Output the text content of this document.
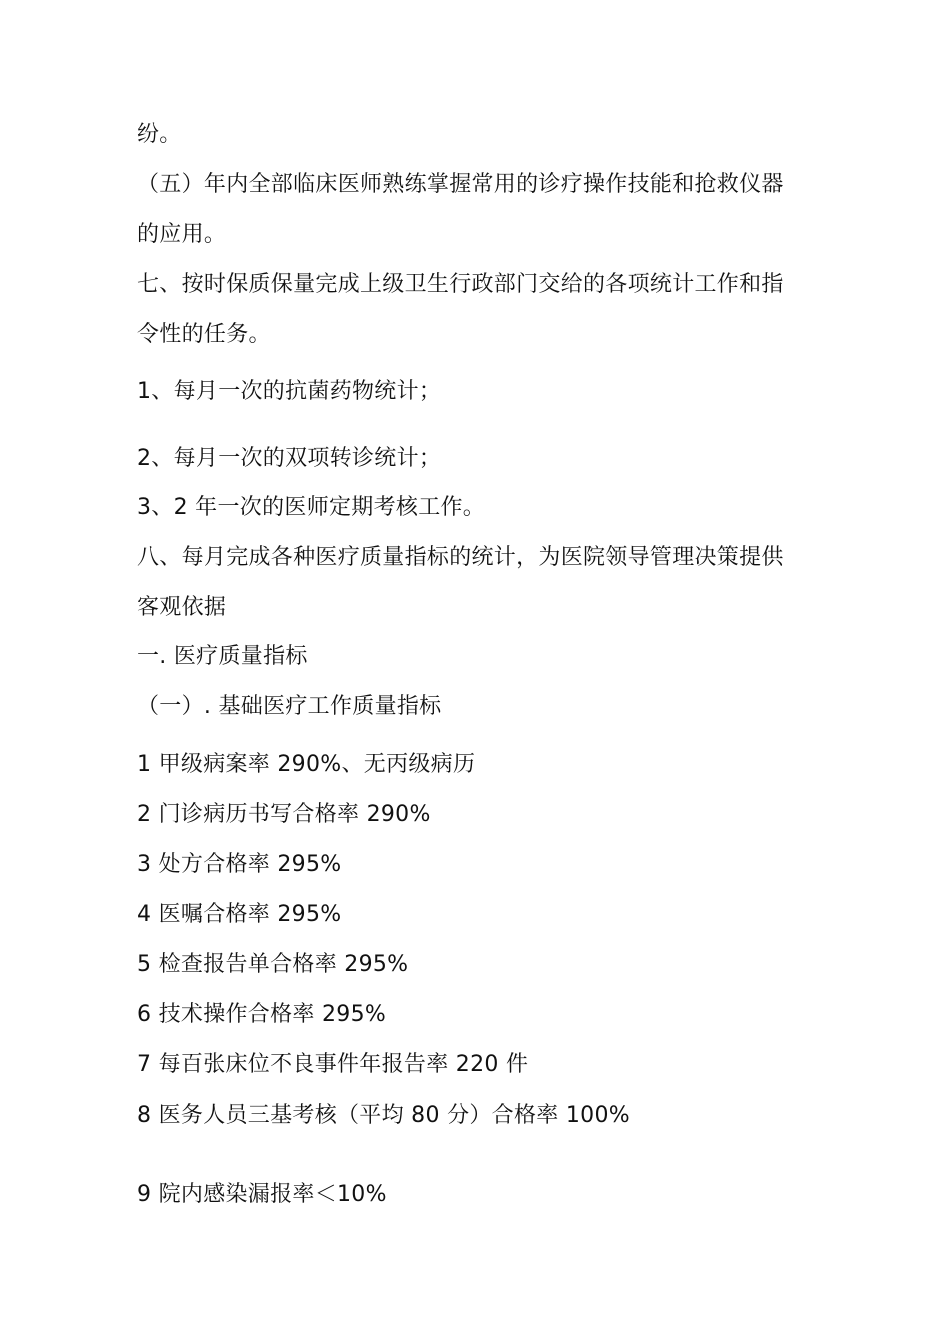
纷。
（五）年内全部临床医师熟练掌握常用的诊疗操作技能和抢救仪器
的应用。
七、按时保质保量完成上级卫生行政部门交给的各项统计工作和指
令性的任务。
1、每月一次的抗菌药物统计；
2、每月一次的双项转诊统计；
3、2 年一次的医师定期考核工作。
八、每月完成各种医疗质量指标的统计，为医院领导管理决策提供
客观依据
一. 医疗质量指标
（一）. 基础医疗工作质量指标
1 甲级病案率 290%、无丙级病历
2 门诊病历书写合格率 290%
3 处方合格率 295%
4 医嘱合格率 295%
5 检查报告单合格率 295%
6 技术操作合格率 295%
7 每百张床位不良事件年报告率 220 件
8 医务人员三基考核（平均 80 分）合格率 100%
9 院内感染漏报率＜10%
